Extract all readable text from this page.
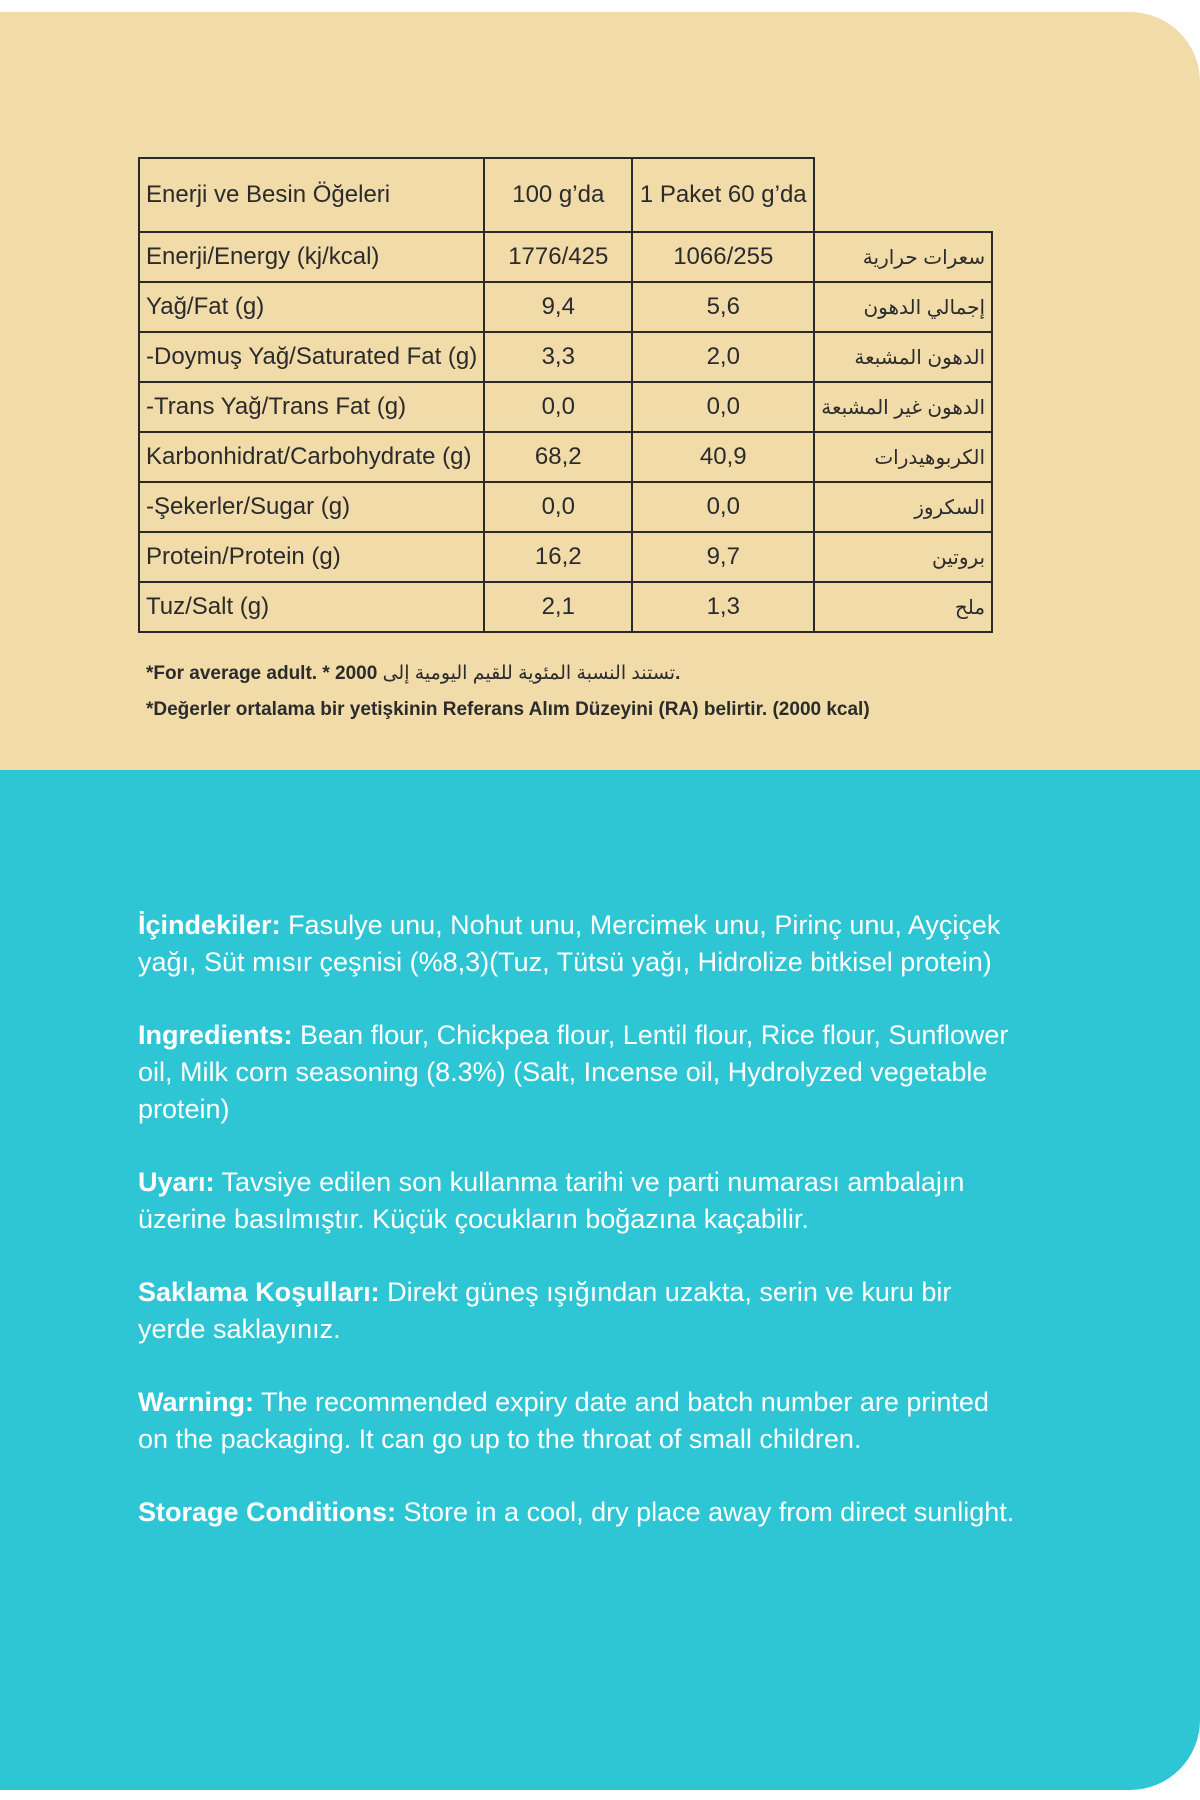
Enerji ve Besin Öğeleri	100 g’da	1 Paket 60 g’da	
Enerji/Energy (kj/kcal)	1776/425	1066/255	سعرات حرارية
Yağ/Fat (g)	9,4	5,6	إجمالي الدهون
-Doymuş Yağ/Saturated Fat (g)	3,3	2,0	الدهون المشبعة
-Trans Yağ/Trans Fat (g)	0,0	0,0	الدهون غير المشبعة
Karbonhidrat/Carbohydrate (g)	68,2	40,9	الكربوهيدرات
-Şekerler/Sugar (g)	0,0	0,0	السكروز
Protein/Protein (g)	16,2	9,7	بروتين
Tuz/Salt (g)	2,1	1,3	ملح
*For average adult. * 2000 تستند النسبة المئوية للقيم اليومية إلى.
*Değerler ortalama bir yetişkinin Referans Alım Düzeyini (RA) belirtir. (2000 kcal)
İçindekiler: Fasulye unu, Nohut unu, Mercimek unu, Pirinç unu, Ayçiçek yağı, Süt mısır çeşnisi (%8,3)(Tuz, Tütsü yağı, Hidrolize bitkisel protein)
Ingredients: Bean flour, Chickpea flour, Lentil flour, Rice flour, Sunflower oil, Milk corn seasoning (8.3%) (Salt, Incense oil, Hydrolyzed vegetable protein)
Uyarı: Tavsiye edilen son kullanma tarihi ve parti numarası ambalajın üzerine basılmıştır. Küçük çocukların boğazına kaçabilir.
Saklama Koşulları: Direkt güneş ışığından uzakta, serin ve kuru bir yerde saklayınız.
Warning: The recommended expiry date and batch number are printed on the packaging. It can go up to the throat of small children.
Storage Conditions: Store in a cool, dry place away from direct sunlight.
